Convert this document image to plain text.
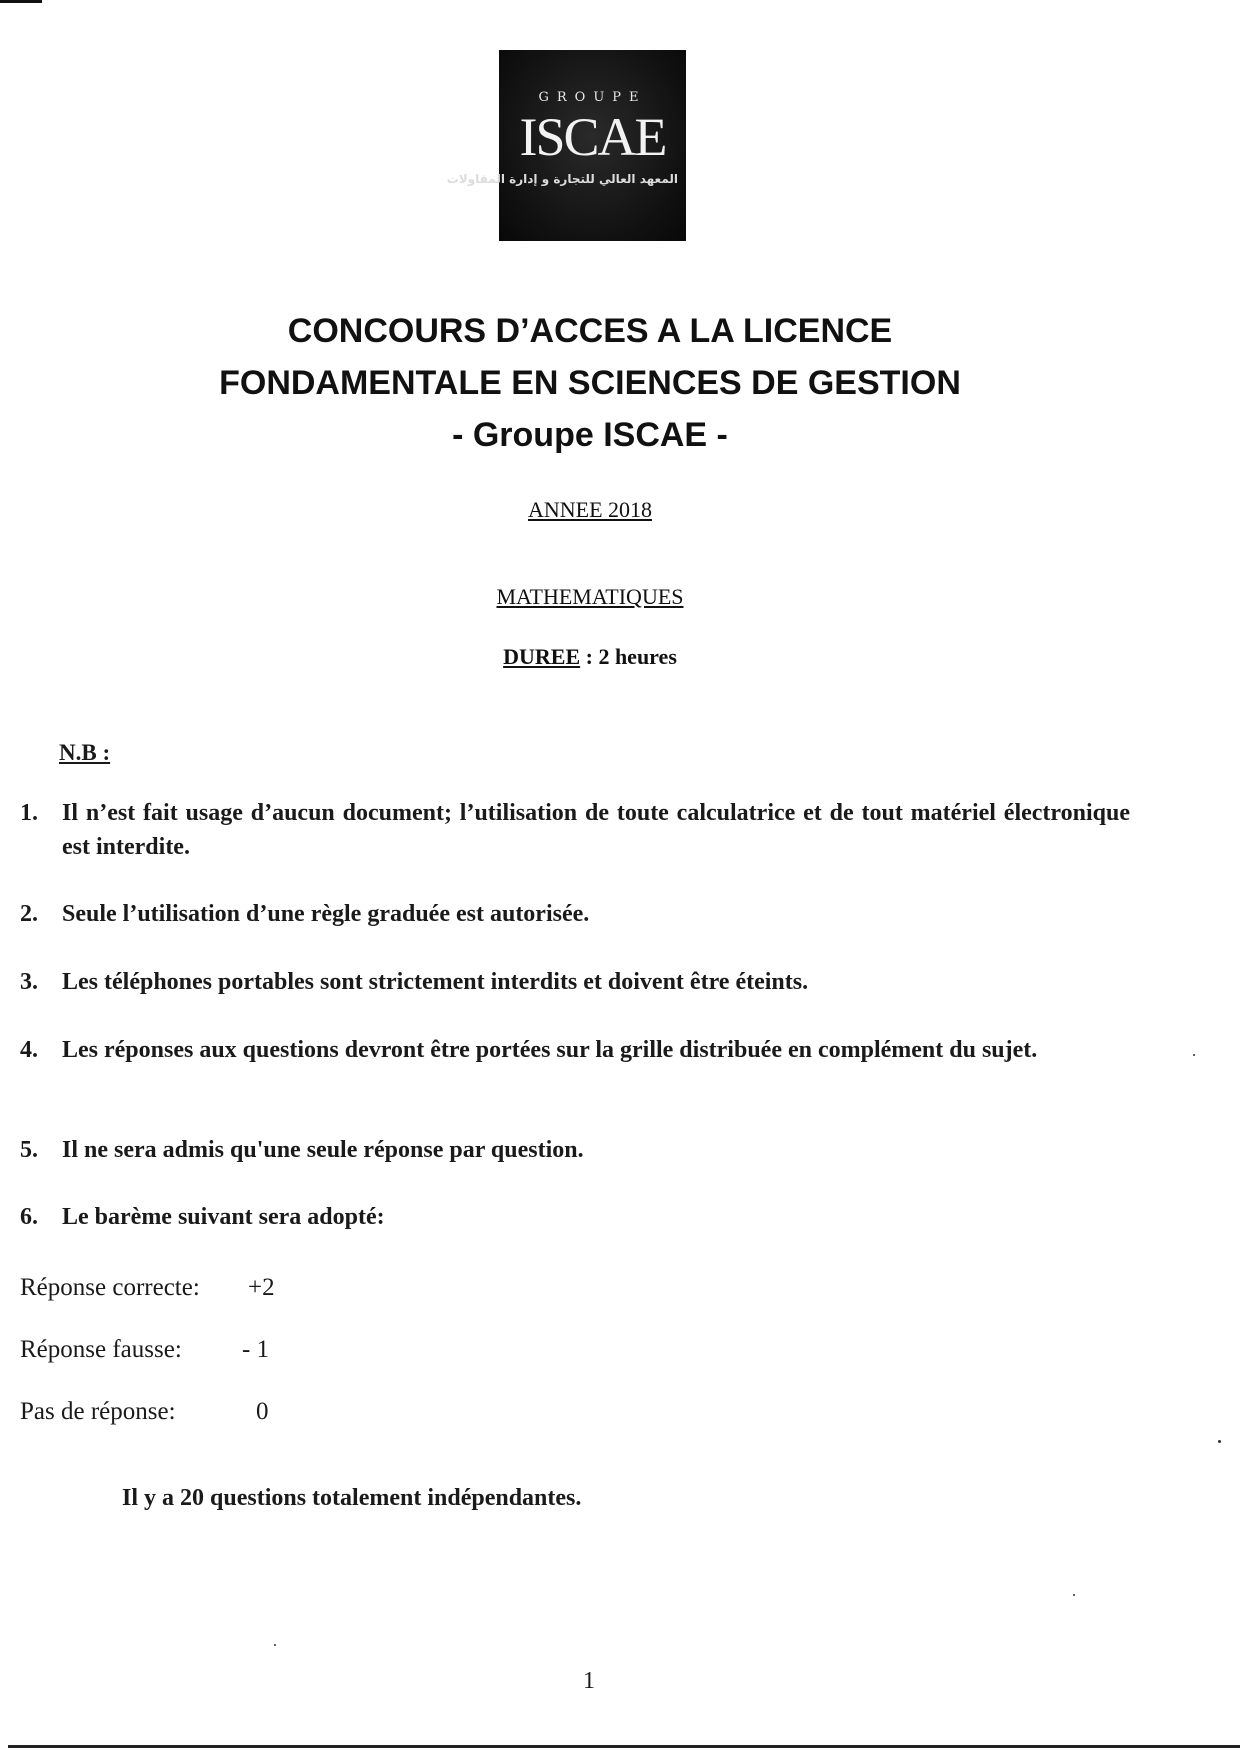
GROUPE
ISCAE
المعهد العالي للتجارة و إدارة المقاولات
CONCOURS D’ACCES A LA LICENCE
FONDAMENTALE EN SCIENCES DE GESTION
- Groupe ISCAE -
ANNEE 2018
MATHEMATIQUES
DUREE : 2 heures
N.B :
1.	Il n’est fait usage d’aucun document; l’utilisation de toute calculatrice et de tout matériel électronique est interdite.
2.	Seule l’utilisation d’une règle graduée est autorisée.
3.	Les téléphones portables sont strictement interdits et doivent être éteints.
4.	Les réponses aux questions devront être portées sur la grille distribuée en complément du sujet.
5.	Il ne sera admis qu'une seule réponse par question.
6.	Le barème suivant sera adopté:
Réponse correcte: +2
Réponse fausse: - 1
Pas de réponse:	0
Il y a 20 questions totalement indépendantes.
1
